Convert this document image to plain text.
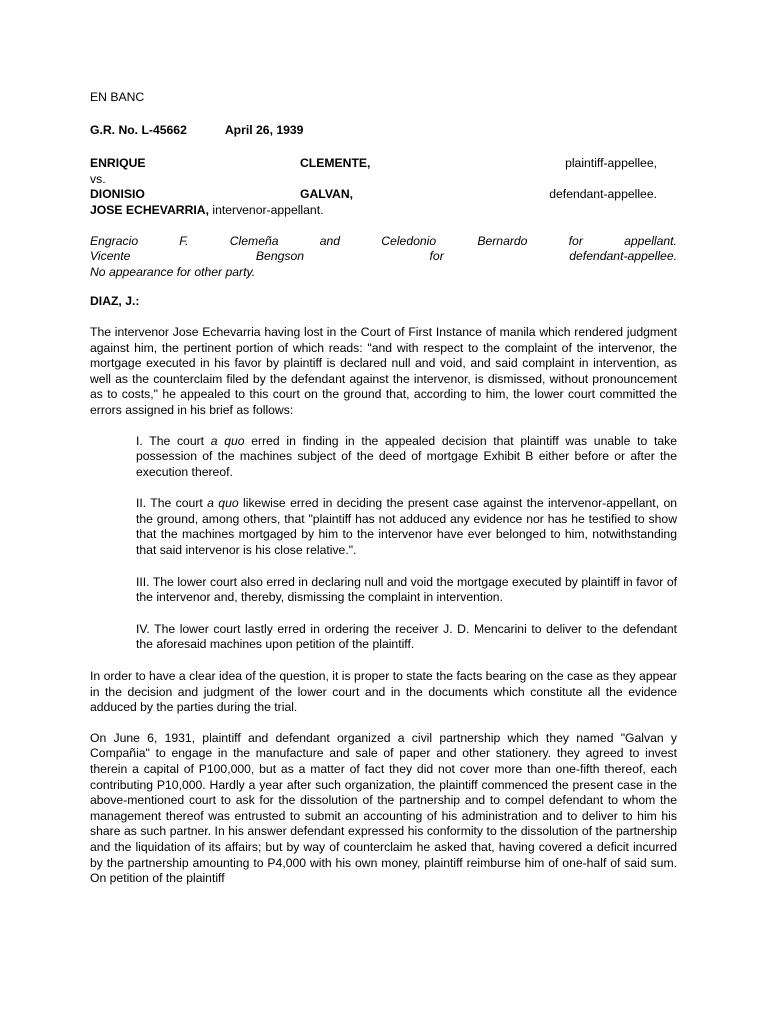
EN BANC
G.R. No. L-45662	April 26, 1939
ENRIQUE	CLEMENTE,	plaintiff-appellee,
vs.
DIONISIO	GALVAN,	defendant-appellee.
JOSE ECHEVARRIA, intervenor-appellant.
Engracio	F.	Clemeña	and	Celedonio	Bernardo	for	appellant.
Vicente	Bengson	for	defendant-appellee.
No appearance for other party.
DIAZ, J.:

The intervenor Jose Echevarria having lost in the Court of First Instance of manila which rendered judgment against him, the pertinent portion of which reads: "and with respect to the complaint of the intervenor, the mortgage executed in his favor by plaintiff is declared null and void, and said complaint in intervention, as well as the counterclaim filed by the defendant against the intervenor, is dismissed, without pronouncement as to costs," he appealed to this court on the ground that, according to him, the lower court committed the errors assigned in his brief as follows:

I. The court a quo erred in finding in the appealed decision that plaintiff was unable to take possession of the machines subject of the deed of mortgage Exhibit B either before or after the execution thereof.

II. The court a quo likewise erred in deciding the present case against the intervenor-appellant, on the ground, among others, that "plaintiff has not adduced any evidence nor has he testified to show that the machines mortgaged by him to the intervenor have ever belonged to him, notwithstanding that said intervenor is his close relative.".

III. The lower court also erred in declaring null and void the mortgage executed by plaintiff in favor of the intervenor and, thereby, dismissing the complaint in intervention.

IV. The lower court lastly erred in ordering the receiver J. D. Mencarini to deliver to the defendant the aforesaid machines upon petition of the plaintiff.

In order to have a clear idea of the question, it is proper to state the facts bearing on the case as they appear in the decision and judgment of the lower court and in the documents which constitute all the evidence adduced by the parties during the trial.

On June 6, 1931, plaintiff and defendant organized a civil partnership which they named "Galvan y Compañia" to engage in the manufacture and sale of paper and other stationery. they agreed to invest therein a capital of P100,000, but as a matter of fact they did not cover more than one-fifth thereof, each contributing P10,000. Hardly a year after such organization, the plaintiff commenced the present case in the above-mentioned court to ask for the dissolution of the partnership and to compel defendant to whom the management thereof was entrusted to submit an accounting of his administration and to deliver to him his share as such partner. In his answer defendant expressed his conformity to the dissolution of the partnership and the liquidation of its affairs; but by way of counterclaim he asked that, having covered a deficit incurred by the partnership amounting to P4,000 with his own money, plaintiff reimburse him of one-half of said sum. On petition of the plaintiff
